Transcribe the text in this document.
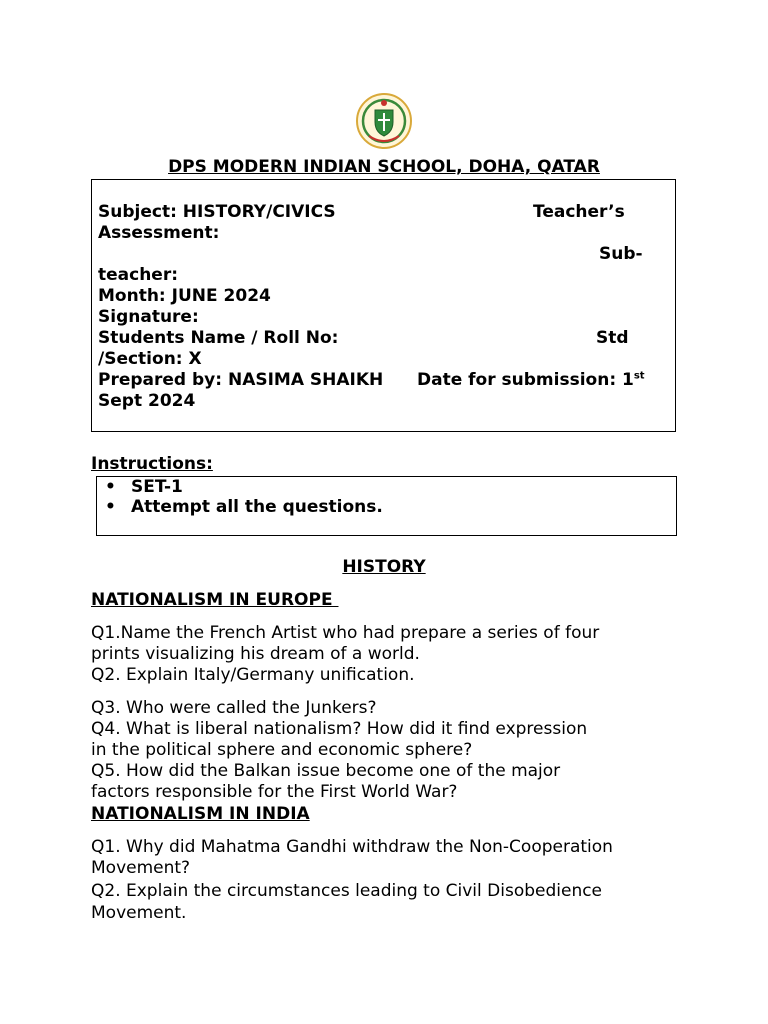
DPS MODERN INDIAN SCHOOL, DOHA, QATAR
Subject: HISTORY/CIVICS	Teacher’s
Assessment:
Sub-
teacher:
Month: JUNE 2024
Signature:
Students Name / Roll No:	Std
/Section: X
Prepared by: NASIMA SHAIKH Date for submission: 1st
Sept 2024
Instructions:
• SET-1
• Attempt all the questions.
HISTORY
NATIONALISM IN EUROPE
Q1.Name the French Artist who had prepare a series of four
prints visualizing his dream of a world.
Q2. Explain Italy/Germany unification.
Q3. Who were called the Junkers?
Q4. What is liberal nationalism? How did it find expression
in the political sphere and economic sphere?
Q5. How did the Balkan issue become one of the major
factors responsible for the First World War?
NATIONALISM IN INDIA
Q1. Why did Mahatma Gandhi withdraw the Non-Cooperation
Movement?
Q2. Explain the circumstances leading to Civil Disobedience
Movement.
